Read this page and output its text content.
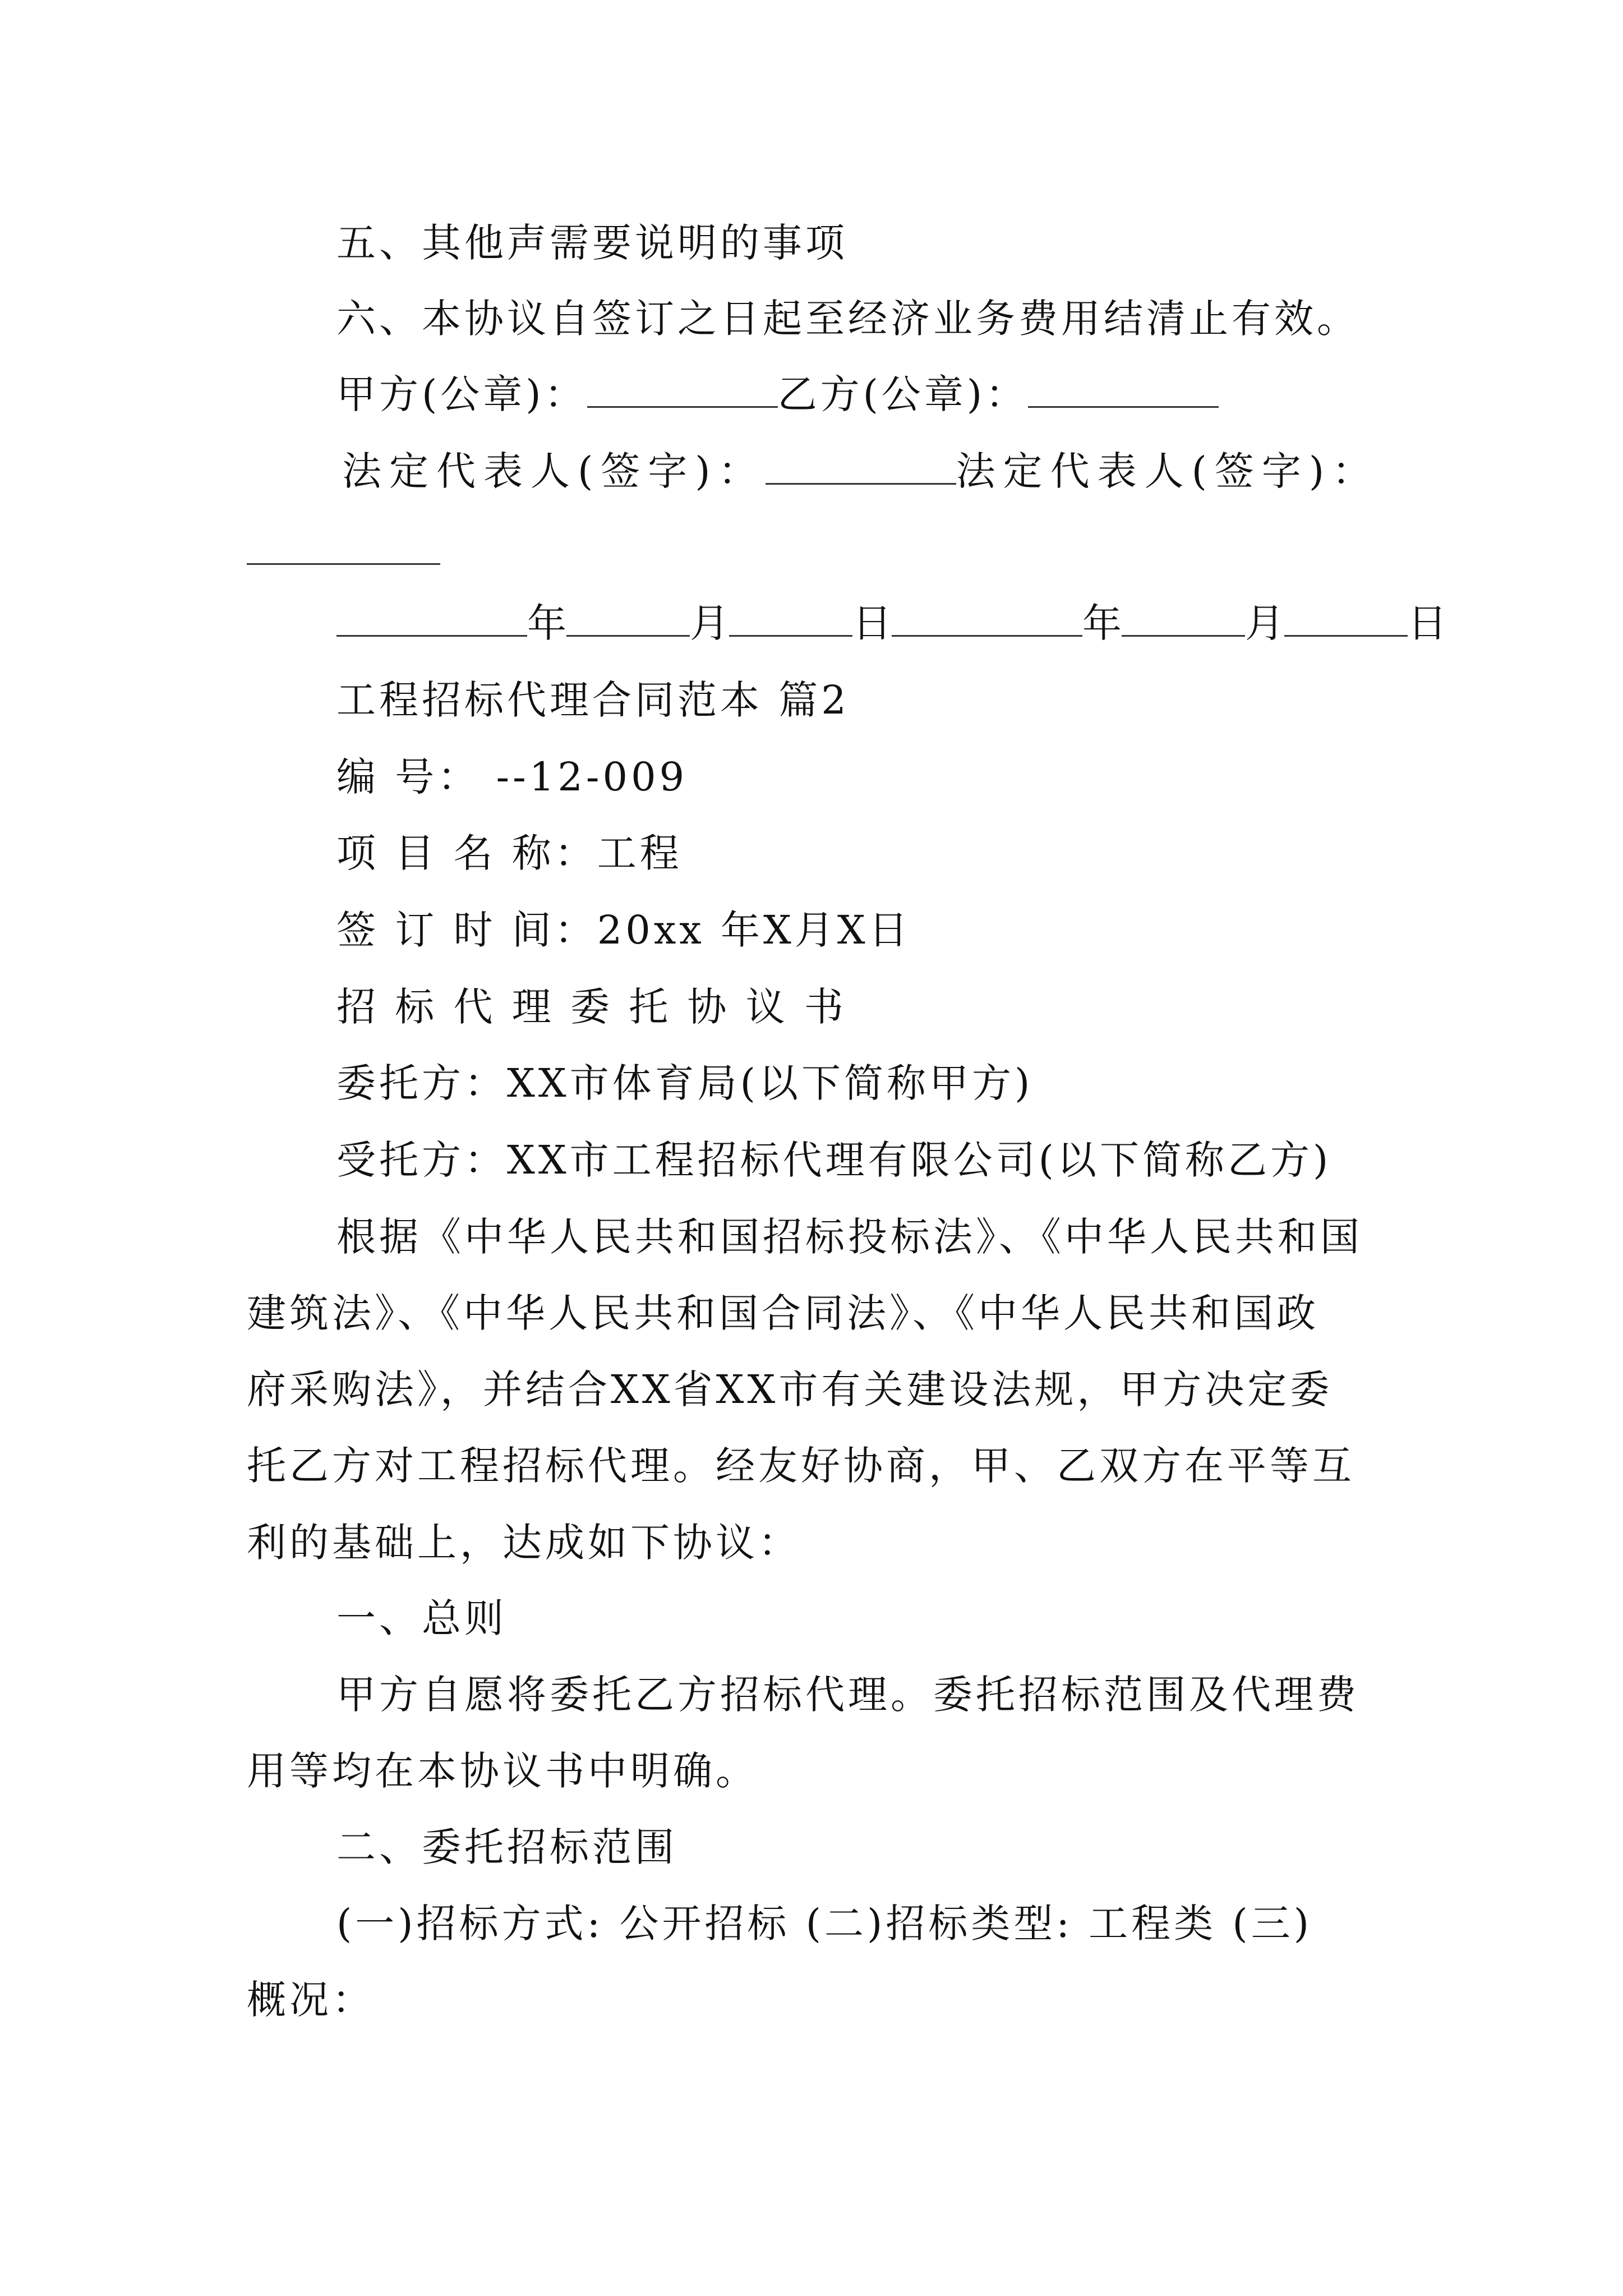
五、其他声需要说明的事项
六、本协议自签订之日起至经济业务费用结清止有效。
甲方(公章)：	乙方(公章)：
法定代表人(签字)：	法定代表人(签字)：
年	月	日	年	月	日
工程招标代理合同范本 篇2
编 号： --12-009
项 目 名 称：工程
签 订 时 间：20xx 年X月X日
招 标 代 理 委 托 协 议 书
委托方：XX市体育局(以下简称甲方)
受托方：XX市工程招标代理有限公司(以下简称乙方)
根据《中华人民共和国招标投标法》、《中华人民共和国
建筑法》、《中华人民共和国合同法》、《中华人民共和国政
府采购法》，并结合XX省XX市有关建设法规，甲方决定委
托乙方对工程招标代理。经友好协商，甲、乙双方在平等互
利的基础上，达成如下协议：
一、总则
甲方自愿将委托乙方招标代理。委托招标范围及代理费
用等均在本协议书中明确。
二、委托招标范围
(一)招标方式: 公开招标 (二)招标类型: 工程类 (三)
概况：
